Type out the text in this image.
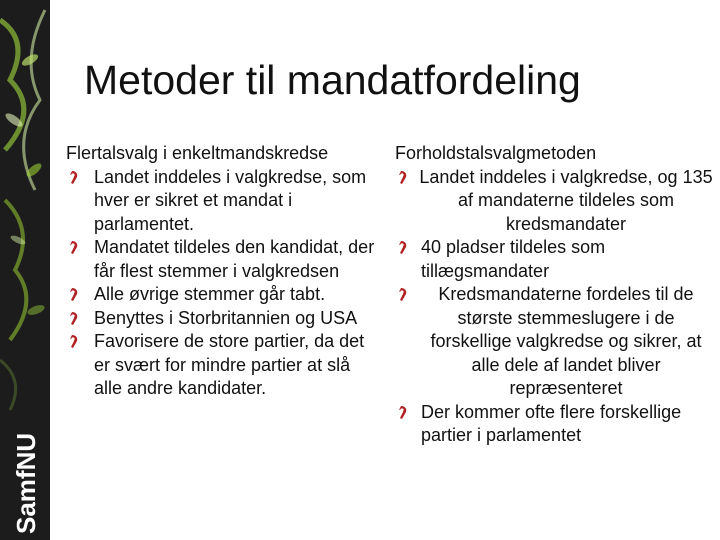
SamfNU
Metoder til mandatfordeling

Flertalsvalg i enkeltmandskredse

Landet inddeles i valgkredse, som hver er sikret et mandat i parlamentet.

Mandatet tildeles den kandidat, der får flest stemmer i valgkredsen

Alle øvrige stemmer går tabt.

Benyttes i Storbritannien og USA

Favorisere de store partier, da det er svært for mindre partier at slå alle andre kandidater.

Forholdstalsvalgmetoden

Landet inddeles i valgkredse, og 135 af mandaterne tildeles som kredsmandater

40 pladser tildeles som tillægsmandater

Kredsmandaterne fordeles til de største stemmeslugere i de forskellige valgkredse og sikrer, at alle dele af landet bliver repræsenteret

Der kommer ofte flere forskellige partier i parlamentet
